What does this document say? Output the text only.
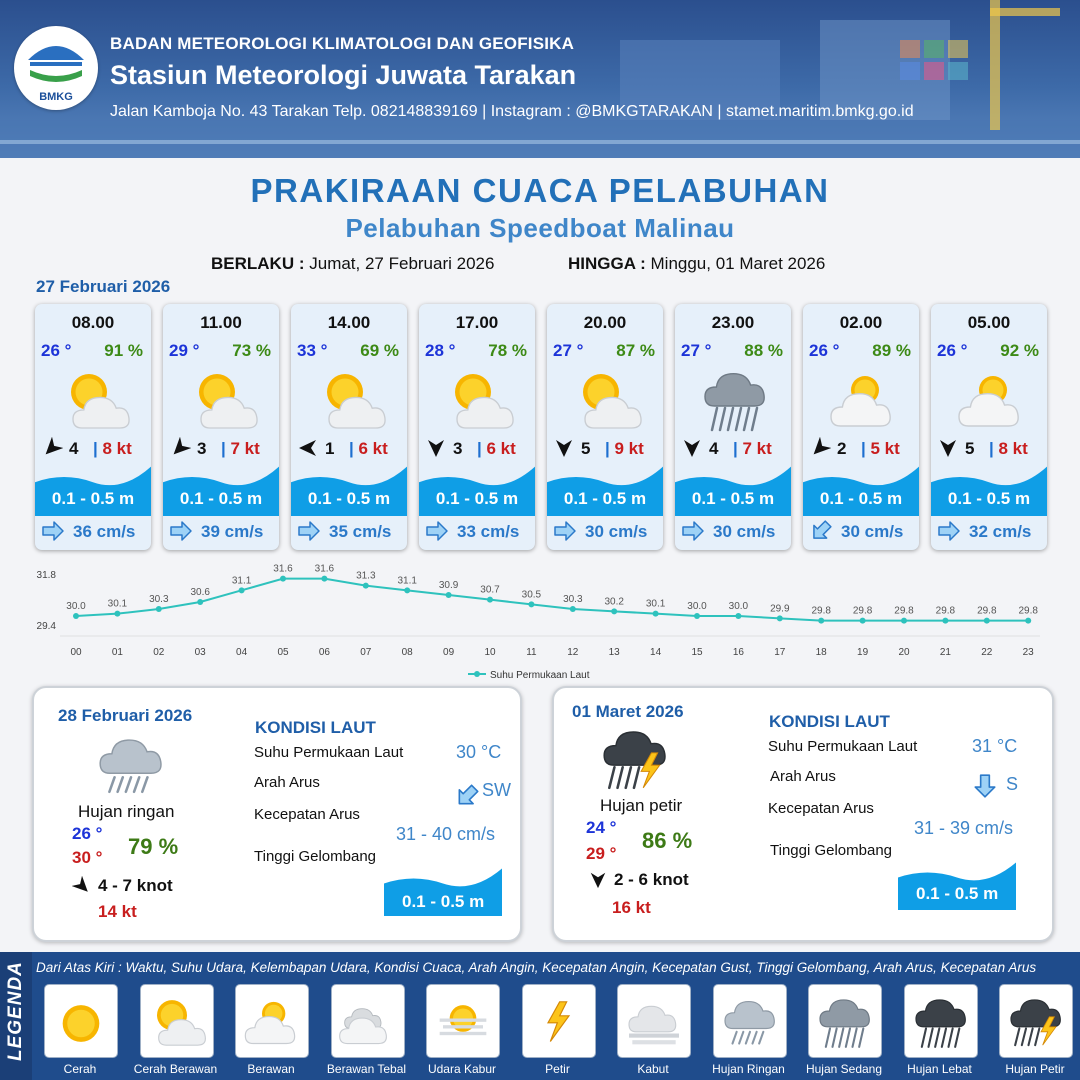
BMKG
BADAN METEOROLOGI KLIMATOLOGI DAN GEOFISIKA
Stasiun Meteorologi Juwata Tarakan
Jalan Kamboja No. 43 Tarakan Telp. 082148839169 | Instagram : @BMKGTARAKAN | stamet.maritim.bmkg.go.id
PRAKIRAAN CUACA PELABUHAN
Pelabuhan Speedboat Malinau
BERLAKU : Jumat, 27 Februari 2026	HINGGA : Minggu, 01 Maret 2026
27 Februari 2026
08.00
26 ° 91 %
4 | 8 kt
0.1 - 0.5 m
36 cm/s
11.00
29 ° 73 %
3 | 7 kt
0.1 - 0.5 m
39 cm/s
14.00
33 ° 69 %
1 | 6 kt
0.1 - 0.5 m
35 cm/s
17.00
28 ° 78 %
3 | 6 kt
0.1 - 0.5 m
33 cm/s
20.00
27 ° 87 %
5 | 9 kt
0.1 - 0.5 m
30 cm/s
23.00
27 ° 88 %
4 | 7 kt
0.1 - 0.5 m
30 cm/s
02.00
26 ° 89 %
2 | 5 kt
0.1 - 0.5 m
30 cm/s
05.00
26 ° 92 %
5 | 8 kt
0.1 - 0.5 m
32 cm/s
31.8
29.4
30.0
00
30.1
01
30.3
02
30.6
03
31.1
04
31.6
05
31.6
06
31.3
07
31.1
08
30.9
09
30.7
10
30.5
11
30.3
12
30.2
13
30.1
14
30.0
15
30.0
16
29.9
17
29.8
18
29.8
19
29.8
20
29.8
21
29.8
22
29.8
23
Suhu Permukaan Laut
28 Februari 2026
Hujan ringan
26 °
30 ° 79 %
4 - 7 knot
14 kt
KONDISI LAUT
Suhu Permukaan Laut	30 °C
Arah Arus	SW
Kecepatan Arus
31 - 40 cm/s
Tinggi Gelombang
0.1 - 0.5 m
01 Maret 2026
Hujan petir
24 °
29 °
86 %
2 - 6 knot
16 kt
KONDISI LAUT
Suhu Permukaan Laut	31 °C
Arah Arus	S
Kecepatan Arus
31 - 39 cm/s
Tinggi Gelombang
0.1 - 0.5 m
LEGENDA Dari Atas Kiri : Waktu, Suhu Udara, Kelembapan Udara, Kondisi Cuaca, Arah Angin, Kecepatan Angin, Kecepatan Gust, Tinggi Gelombang, Arah Arus, Kecepatan Arus
Cerah	Cerah Berawan	Berawan	Berawan Tebal	Udara Kabur	Petir	Kabut	Hujan Ringan	Hujan Sedang	Hujan Lebat	Hujan Petir
